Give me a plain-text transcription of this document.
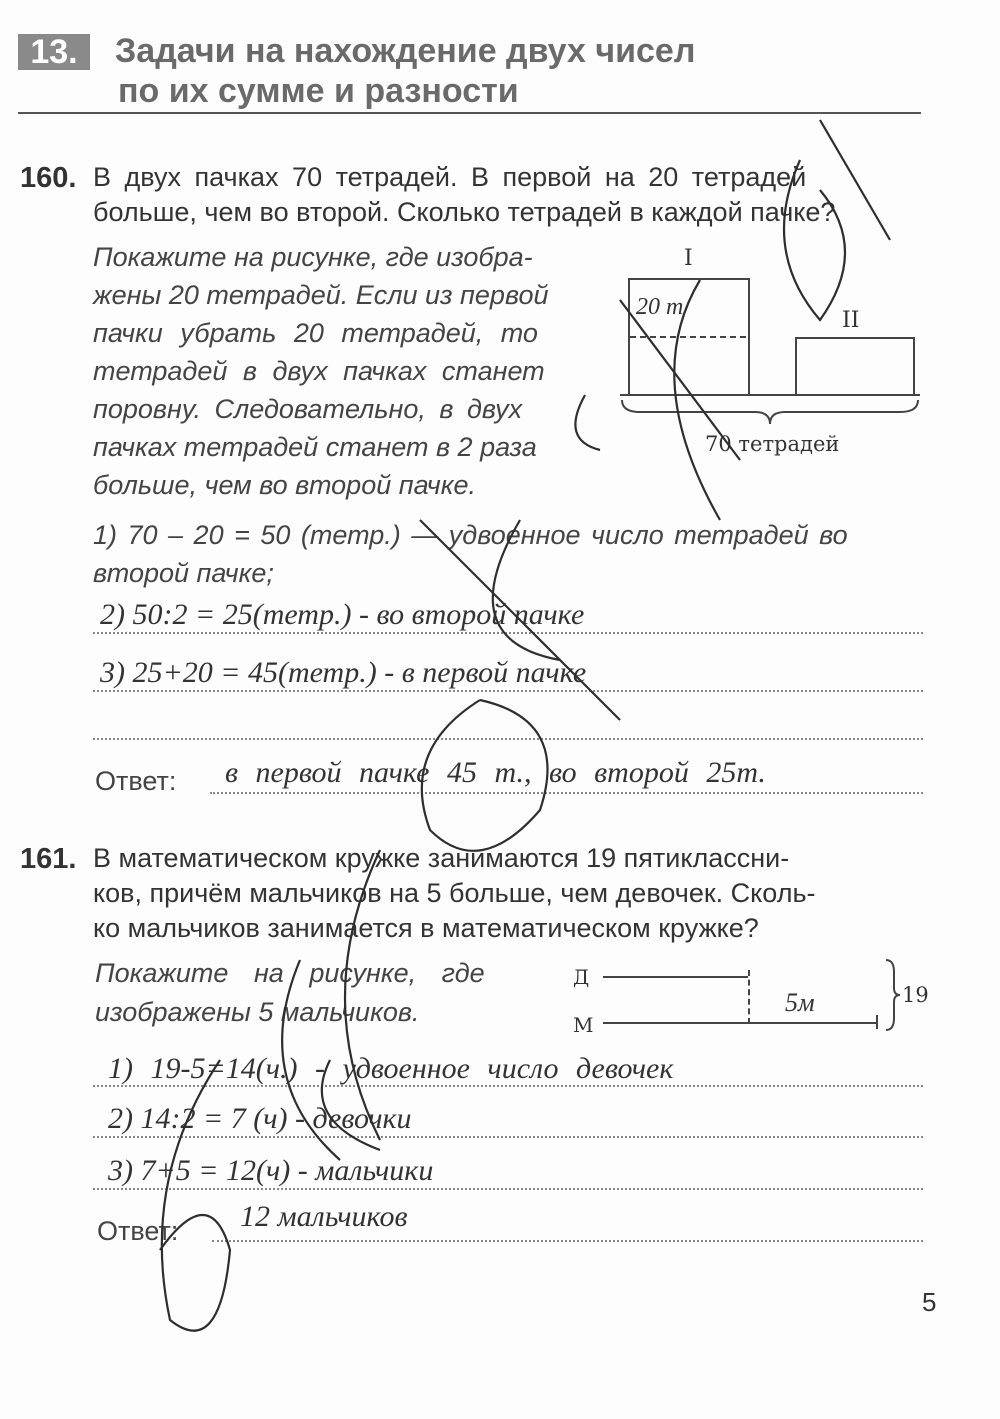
13.	Задачи на нахождение двух чисел
по их сумме и разности
160. В двух пачках 70 тетрадей. В первой на 20 тетрадей
больше, чем во второй. Сколько тетрадей в каждой пачке?
Покажите на рисунке, где изобра-
жены 20 тетрадей. Если из первой
пачки убрать 20 тетрадей, то
тетрадей в двух пачках станет
поровну. Следовательно, в двух
пачках тетрадей станет в 2 раза
больше, чем во второй пачке.
I
II
20 т
70 тетрадей
1) 70 – 20 = 50 (тетр.) — удвоенное число тетрадей во
второй пачке;
2) 50:2 = 25(тетр.) - во второй пачке
3) 25+20 = 45(тетр.) - в первой пачке
Ответ: в первой пачке 45 т., во второй 25т.
161. В математическом кружке занимаются 19 пятиклассни-
ков, причём мальчиков на 5 больше, чем девочек. Сколь-
ко мальчиков занимается в математическом кружке?
Покажите на рисунке, где
изображены 5 мальчиков.
Д
М
5м	19
1) 19-5=14(ч.) - удвоенное число девочек
2) 14:2 = 7 (ч) - девочки
3) 7+5 = 12(ч) - мальчики
Ответ: 12 мальчиков
5
